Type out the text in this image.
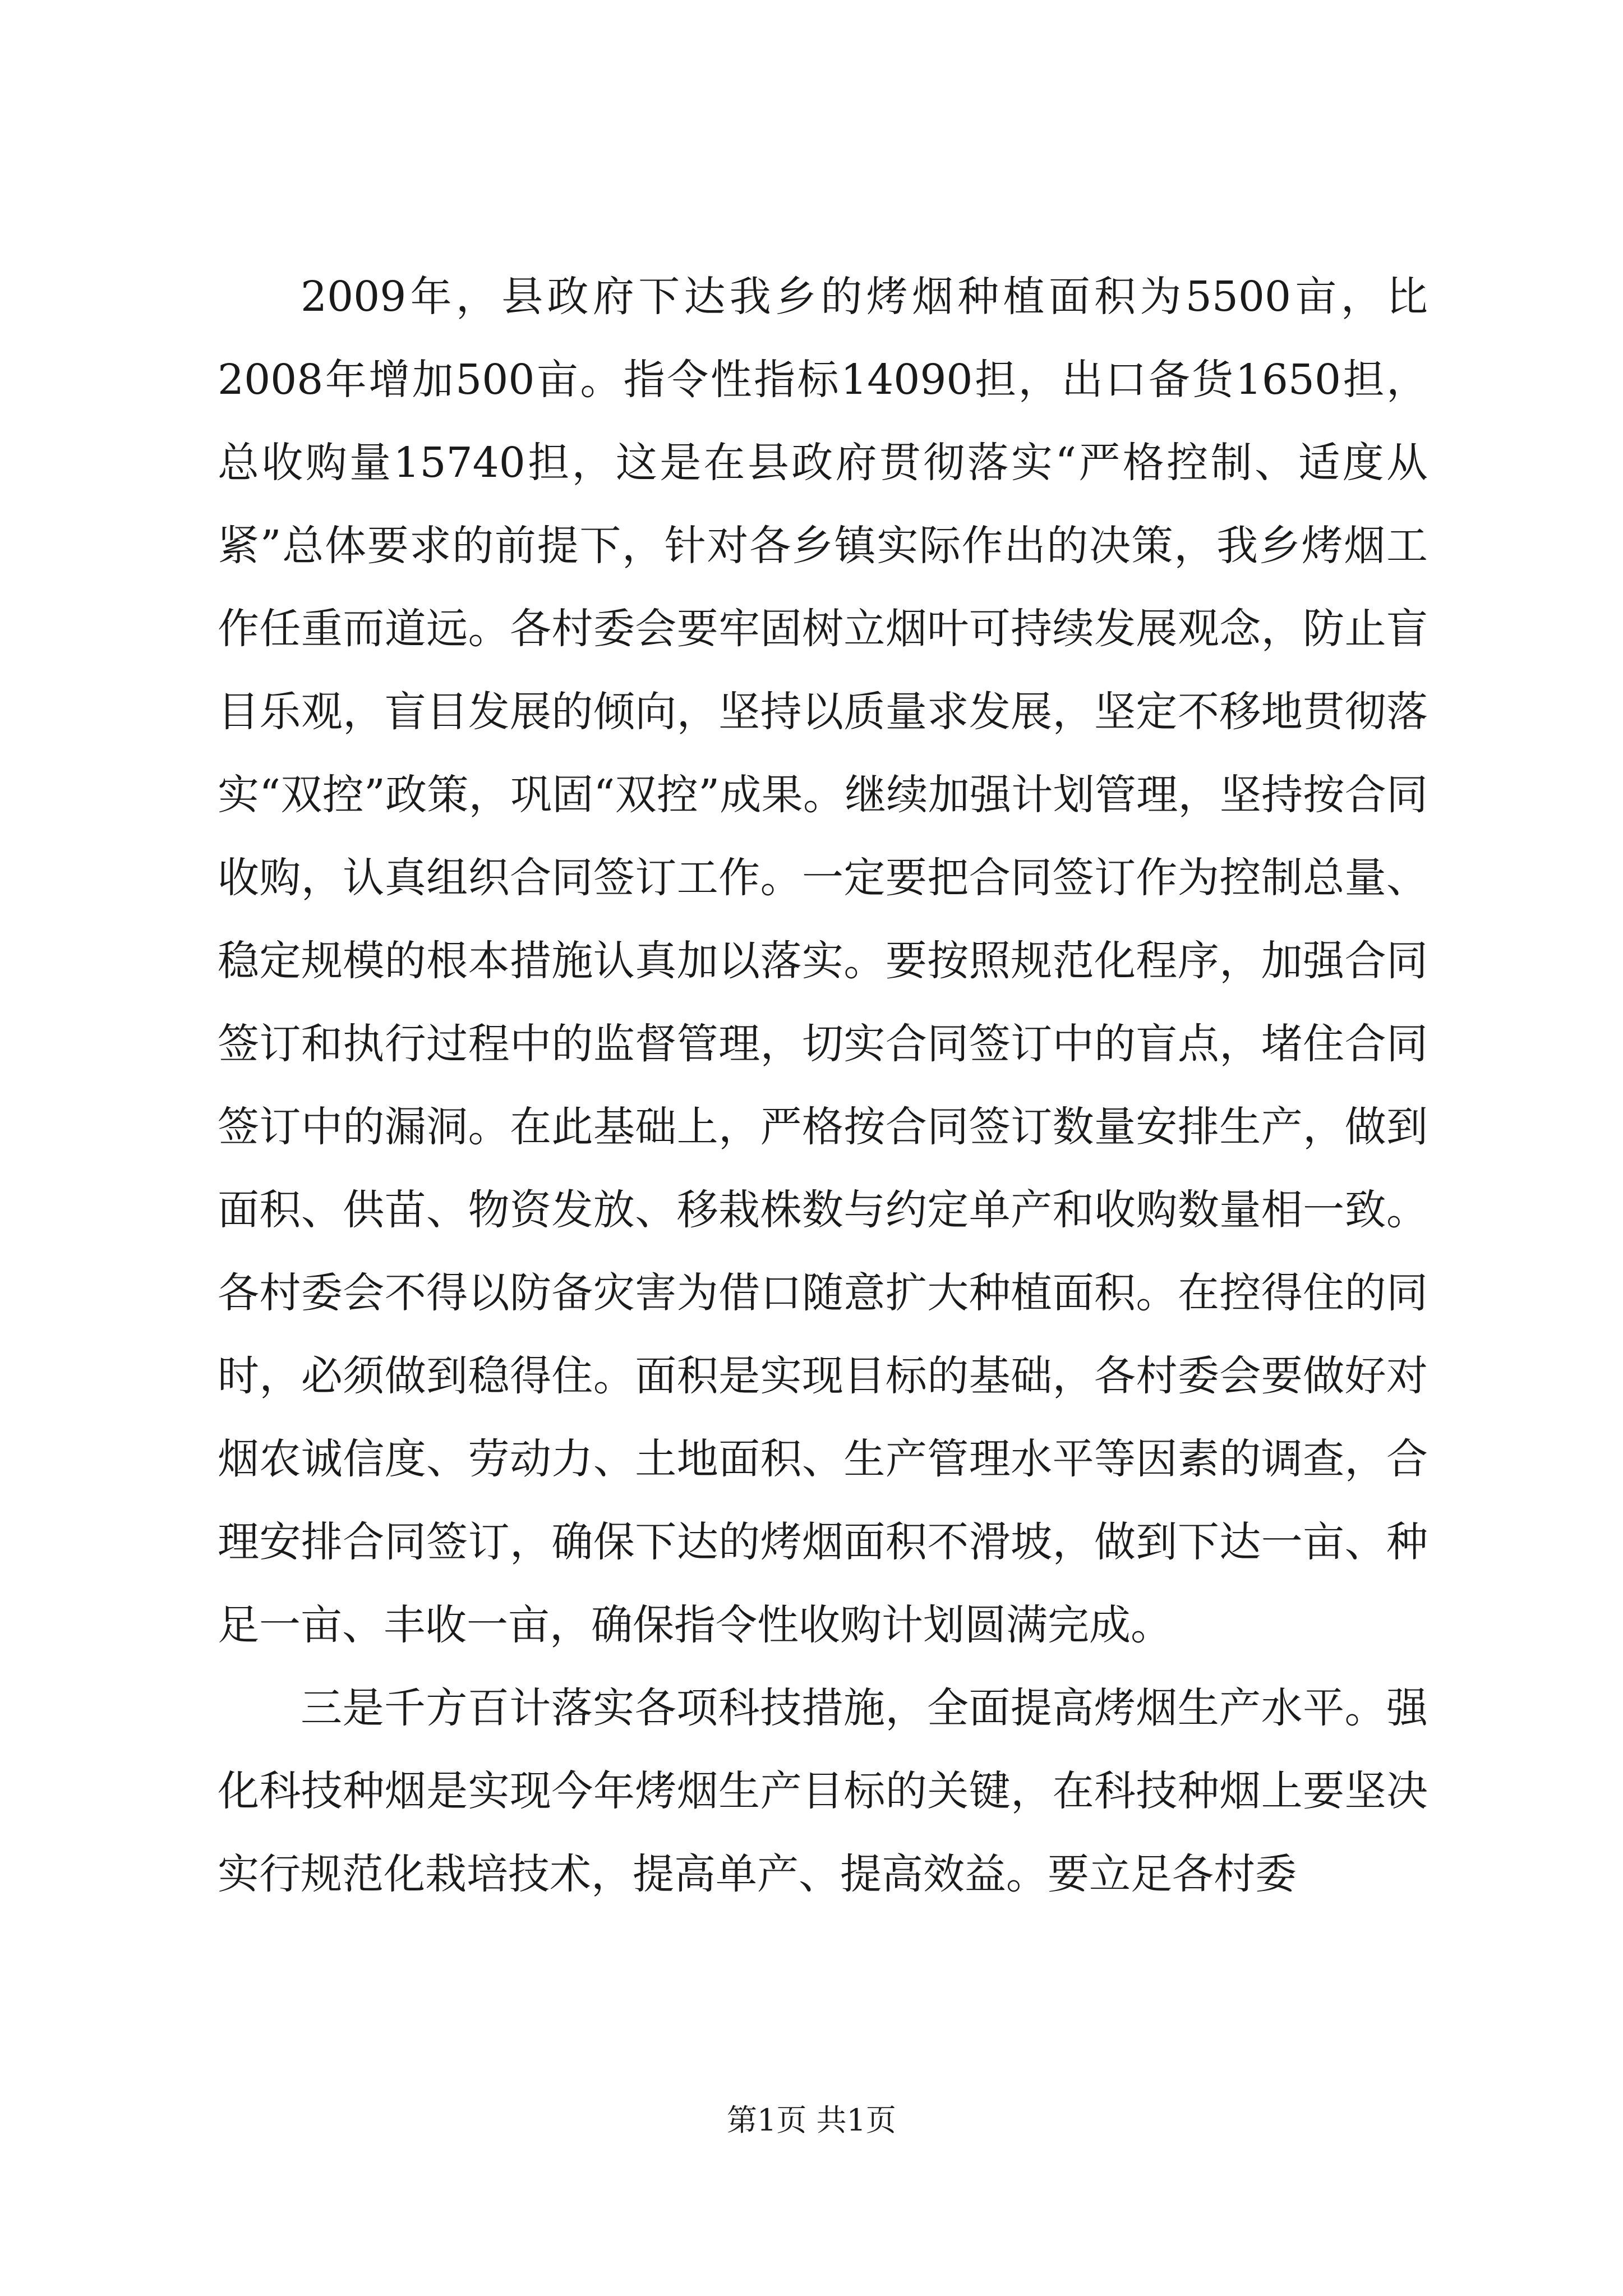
2009年，县政府下达我乡的烤烟种植面积为5500亩，比2008年增加500亩。指令性指标14090担，出口备货1650担，总收购量15740担，这是在县政府贯彻落实“严格控制、适度从紧”总体要求的前提下，针对各乡镇实际作出的决策，我乡烤烟工作任重而道远。各村委会要牢固树立烟叶可持续发展观念，防止盲目乐观，盲目发展的倾向，坚持以质量求发展，坚定不移地贯彻落实“双控”政策，巩固“双控”成果。继续加强计划管理，坚持按合同收购，认真组织合同签订工作。一定要把合同签订作为控制总量、稳定规模的根本措施认真加以落实。要按照规范化程序，加强合同签订和执行过程中的监督管理，切实合同签订中的盲点，堵住合同签订中的漏洞。在此基础上，严格按合同签订数量安排生产，做到面积、供苗、物资发放、移栽株数与约定单产和收购数量相一致。各村委会不得以防备灾害为借口随意扩大种植面积。在控得住的同时，必须做到稳得住。面积是实现目标的基础，各村委会要做好对烟农诚信度、劳动力、土地面积、生产管理水平等因素的调查，合理安排合同签订，确保下达的烤烟面积不滑坡，做到下达一亩、种足一亩、丰收一亩，确保指令性收购计划圆满完成。

三是千方百计落实各项科技措施，全面提高烤烟生产水平。强化科技种烟是实现今年烤烟生产目标的关键，在科技种烟上要坚决实行规范化栽培技术，提高单产、提高效益。要立足各村委

第1页 共1页
